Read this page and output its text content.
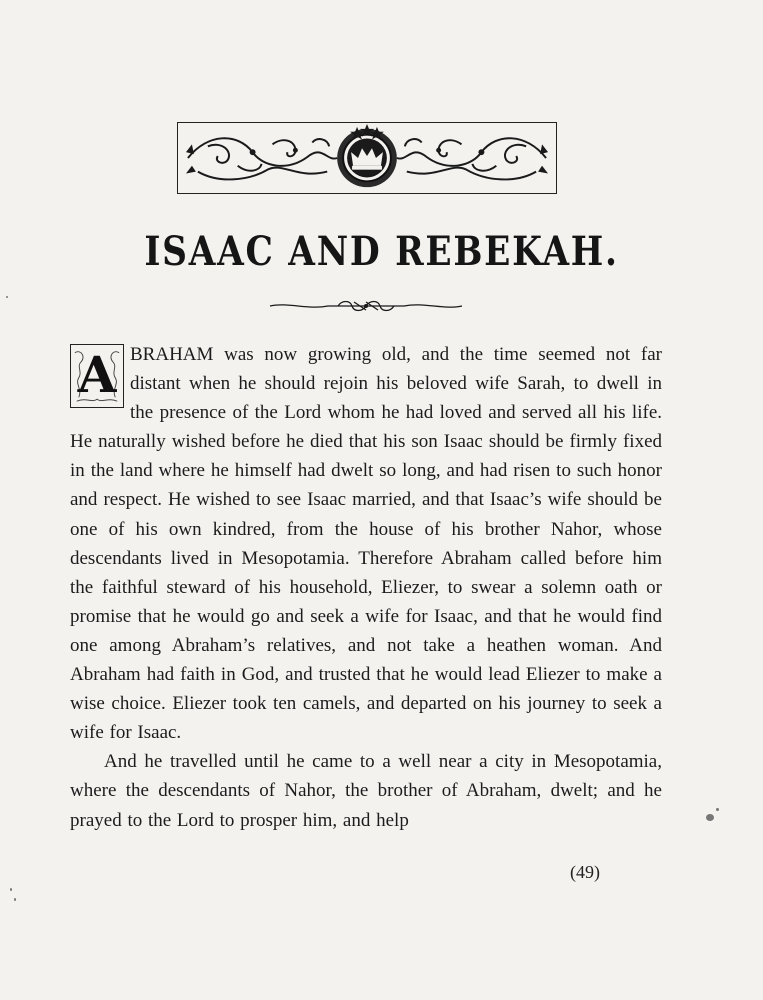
ISAAC AND REBEKAH.

A BRAHAM was now growing old, and the time seemed not far distant when he should rejoin his beloved wife Sarah, to dwell in the presence of the Lord whom he had loved and served all his life. He naturally wished before he died that his son Isaac should be firmly fixed in the land where he himself had dwelt so long, and had risen to such honor and respect. He wished to see Isaac married, and that Isaac’s wife should be one of his own kindred, from the house of his brother Nahor, whose descendants lived in Mesopotamia. Therefore Abraham called before him the faithful steward of his household, Eliezer, to swear a solemn oath or promise that he would go and seek a wife for Isaac, and that he would find one among Abraham’s relatives, and not take a heathen woman. And Abraham had faith in God, and trusted that he would lead Eliezer to make a wise choice. Eliezer took ten camels, and departed on his journey to seek a wife for Isaac.

And he travelled until he came to a well near a city in Mesopotamia, where the descendants of Nahor, the brother of Abraham, dwelt; and he prayed to the Lord to prosper him, and help

(49)
